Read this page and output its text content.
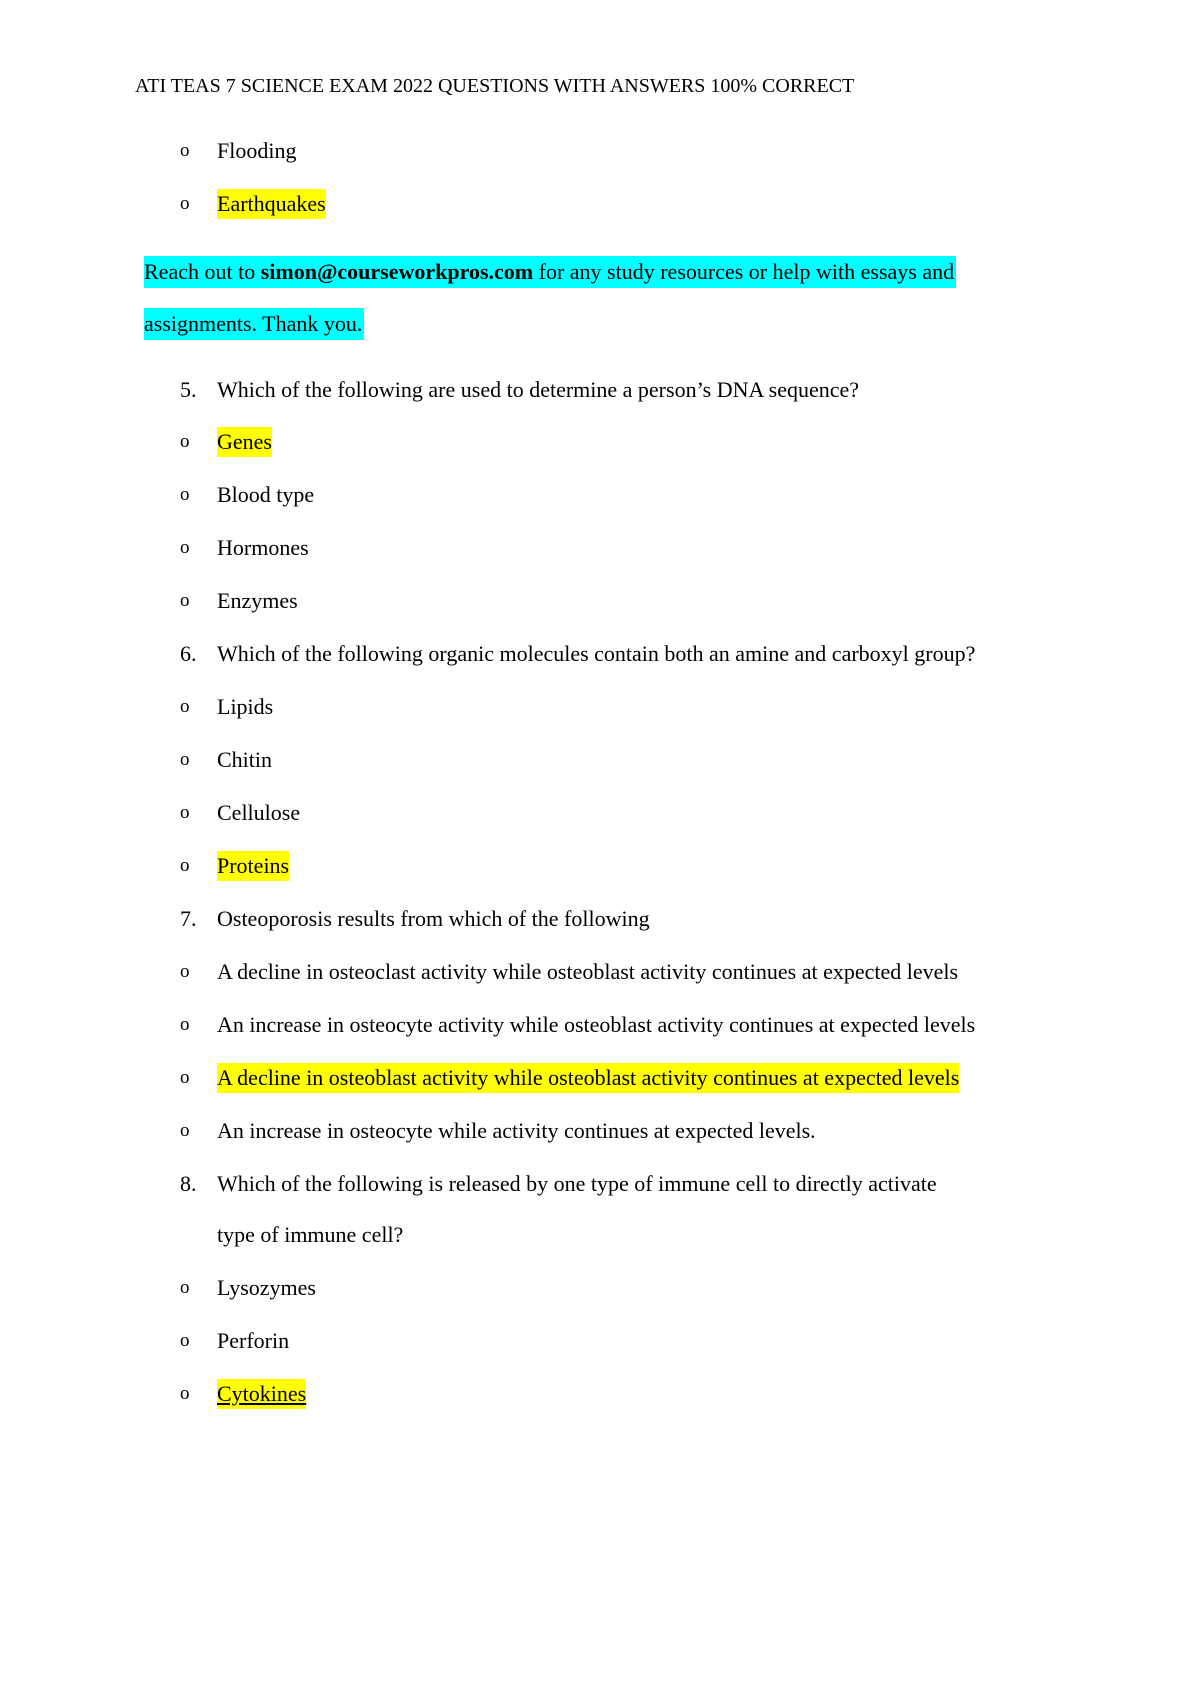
ATI TEAS 7 SCIENCE EXAM 2022 QUESTIONS WITH ANSWERS 100% CORRECT
o	Flooding
o	Earthquakes
Reach out to simon@courseworkpros.com for any study resources or help with essays and
assignments. Thank you.
5. Which of the following are used to determine a person’s DNA sequence?
o	Genes
o	Blood type
o	Hormones
o	Enzymes
6. Which of the following organic molecules contain both an amine and carboxyl group?
o	Lipids
o	Chitin
o	Cellulose
o	Proteins
7. Osteoporosis results from which of the following
o	A decline in osteoclast activity while osteoblast activity continues at expected levels
o	An increase in osteocyte activity while osteoblast activity continues at expected levels
o	A decline in osteoblast activity while osteoblast activity continues at expected levels
o	An increase in osteocyte while activity continues at expected levels.
8. Which of the following is released by one type of immune cell to directly activate
type of immune cell?
o	Lysozymes
o	Perforin
o	Cytokines
